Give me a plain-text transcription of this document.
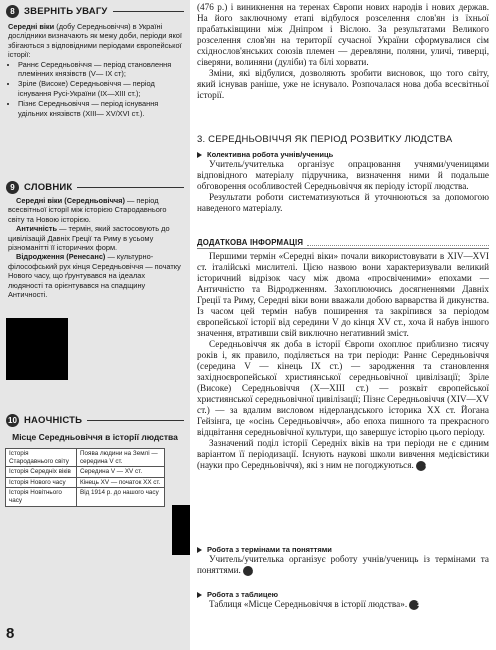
8 ЗВЕРНІТЬ УВАГУ

Середні віки (добу Середньовіччя) в Україні дослідники визначають як межу доби, періоди якої збігаються з відповідними періодами європейської історії:

• Раннє Середньовіччя — період становлення племінних князівств (V— IX ст);
• Зріле (Високе) Середньовіччя — період існування Русі-України (IX—XIII ст.);
• Пізнє Середньовіччя — період існування удільних князівств (XIII— XV/XVI ст.).
9 СЛОВНИК

Середні віки (Середньовіччя) — період всесвітньої історії між історією Стародавнього світу та Новою історією.

Античність — термін, який застосовують до цивілізацій Давніх Греції та Риму в усьому різноманітті її історичних форм.

Відродження (Ренесанс) — культурно-філософський рух кінця Середньовіччя — початку Нового часу, що ґрунтувався на ідеалах людяності та орієнтувався на спадщину Античності.

10 НАОЧНІСТЬ
Місце Середньовіччя в історії людства
Історія Стародавнього світу	Поява людини на Землі — середина V ст.
Історія Середніх віків	Середина V — XV ст.
Історія Нового часу	Кінець XV — початок XX ст.
Історія Новітнього часу	Від 1914 р. до нашого часу
8

(476 р.) і виникнення на теренах Європи нових народів і нових держав. На його заключному етапі відбулося розселення слов'ян із їхньої прабатьківщини між Дніпром і Віслою. За результатами Великого розселення слов'ян на території сучасної України сформувалися сім східнослов'янських союзів племен — деревляни, поляни, уличі, тиверці, сіверяни, волиняни (дуліби) та білі хорвати.

Зміни, які відбулися, дозволяють зробити висновок, що того світу, який існував раніше, уже не існувало. Розпочалася нова доба всесвітньої історії.

3. СЕРЕДНЬОВІЧЧЯ ЯК ПЕРІОД РОЗВИТКУ ЛЮДСТВА

Колективна робота учнів/учениць

Учитель/учителька організує опрацювання учнями/ученицями відповідного матеріалу підручника, визначення ними й подальше обговорення особливостей Середньовіччя як періоду історії людства.

Результати роботи систематизуються й уточнюються за допомогою наведеного матеріалу.

ДОДАТКОВА ІНФОРМАЦІЯ

Першими термін «Середні віки» почали використовувати в XIV—XVI ст. італійські мислителі. Цією назвою вони характеризували великий історичний відрізок часу між двома «просвіченими» епохами — Античністю та Відродженням. Захоплюючись досягненнями Давніх Греції та Риму, Середні віки вони вважали добою варварства й дикунства. Із часом цей термін набув поширення та закріпився за періодом європейської історії від середини V до кінця XV ст., хоча й набув іншого значення, втративши свій виключно негативний зміст.

Середньовіччя як доба в історії Європи охоплює приблизно тисячу років і, як правило, поділяється на три періоди: Раннє Середньовіччя (середина V — кінець IX ст.) — зародження та становлення західноєвропейської християнської середньовічної цивілізації; Зріле (Високе) Середньовіччя (X—XIII ст.) — розквіт європейської християнської середньовічної цивілізації; Пізнє Середньовіччя (XIV—XV ст.) — за вдалим висловом нідерландського історика XX ст. Йогана Гейзінга, це «осінь Середньовіччя», або епоха пишного та прекрасного відцвітання середньовічної культури, що завершує історію цього періоду.

Зазначений поділ історії Середніх віків на три періоди не є єдиним варіантом її періодизації. Існують наукові школи вивчення медієвістики (науки про Середньовіччя), які з ним не погоджуються. 8

Робота з термінами та поняттями

Учитель/учителька організує роботу учнів/учениць із термінами та поняттями. 9

Робота з таблицею

Таблиця «Місце Середньовіччя в історії людства». 10
